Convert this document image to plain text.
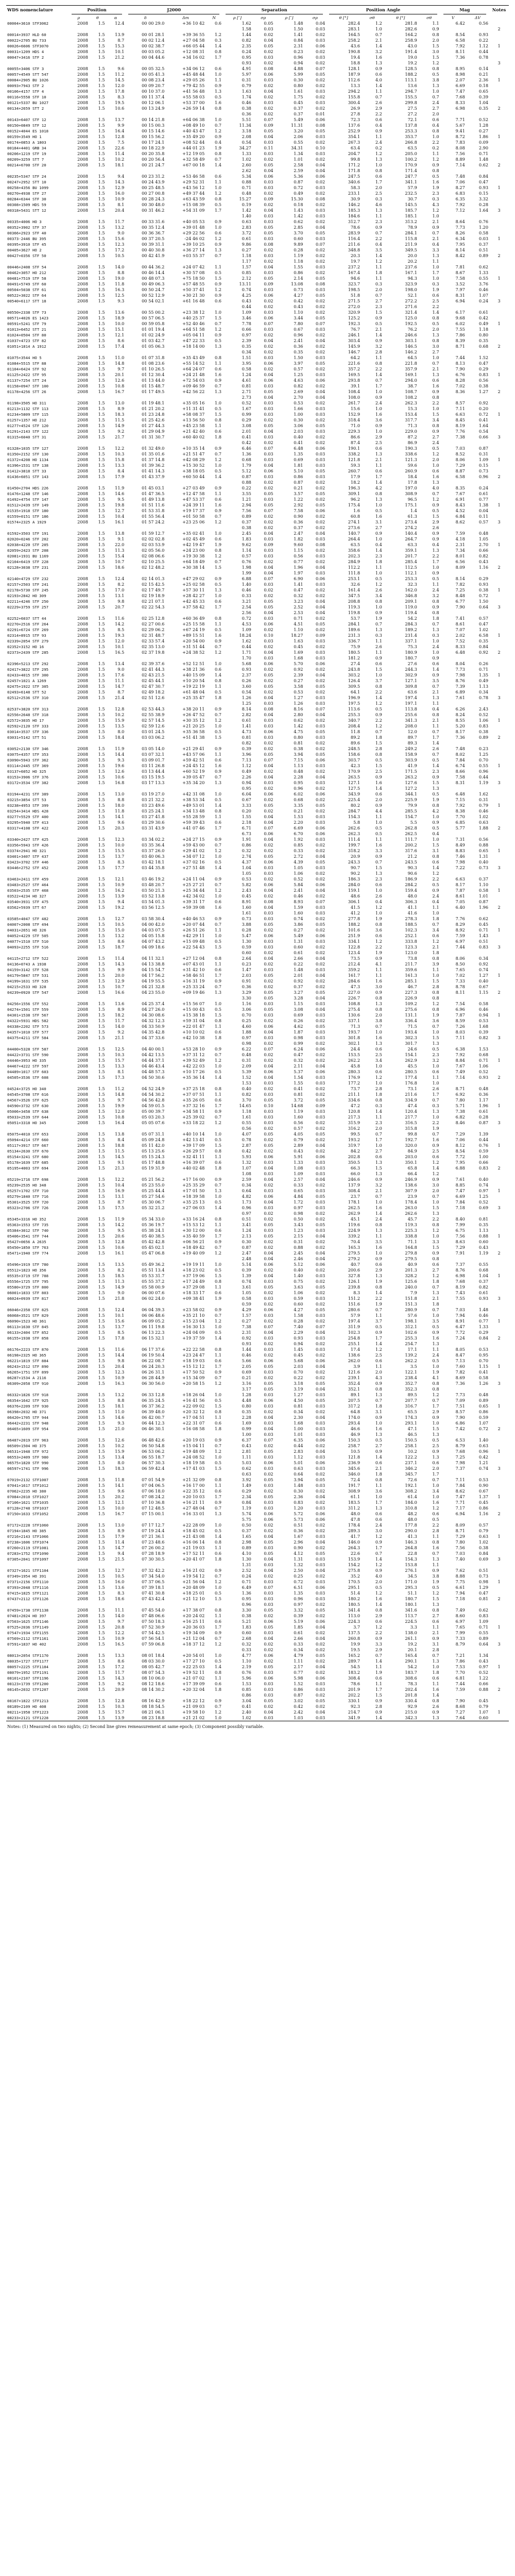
WDS nomenclature	Position			J2000			Separation				Position Angle				Mag		Notes

	ρ	θ	α	δ	Δm	N	ρ [″]	σρ	ρ [″]	σρ	θ [°]	σθ	θ [°]	σθ	V	ΔV	
00004+3610 STF3062	2008	1.5	12.4	00 00 29.0	+36 10 42	0.6	1.62	0.05	1.48	0.04	282.4	1.2	281.8	1.1	6.42	0.56	
							1.58	0.03	1.50	0.03	283.1	1.0	282.6	0.9			2
00014+3937 HLD 60	2008	1.5	13.9	00 01 28.1	+39 36 55	1.2	1.44	0.02	1.41	0.02	164.5	0.7	164.2	0.8	8.54	0.93	
00022+2705 BU 733	2008	1.5	8.7	00 02 12.4	+27 04 58	0.3	0.82	0.04	0.84	0.03	258.2	2.1	258.9	2.0	6.58	0.22	
00026+6606 STF3070	2008	1.5	15.3	00 02 38.7	+66 05 44	1.4	2.35	0.05	2.31	0.06	43.6	1.4	43.0	1.5	7.92	1.12	1
00031+1209 HDS 4	2008	1.5	10.1	00 03 05.2	+12 08 31	0.8	0.24	0.02	0.23	0.02	190.8	3.2	191.4	3.0	8.11	0.44	
00047+3416 STF 2	2008	1.5	21.2	00 04 44.6	+34 16 02	1.7	0.95	0.03	0.96	0.03	19.4	1.6	19.0	1.5	7.36	0.78	
							0.93	0.02	0.94	0.02	18.8	1.3	19.2	1.2			3
00055+3406 STF 3	2008	1.5	9.6	00 05 32.5	+34 06 12	0.6	4.91	0.08	4.88	0.07	128.1	0.9	128.5	0.8	8.95	0.14	
00057+4549 STT 547	2008	1.5	11.2	00 05 41.3	+45 48 44	1.0	5.97	0.06	5.99	0.05	187.9	0.6	188.2	0.5	8.98	0.21	
00084+2905 BU 1026	2008	1.5	14.5	00 08 23.4	+29 05 26	1.1	0.31	0.03	0.30	0.02	112.6	4.0	113.1	3.8	2.07	2.36	1
00093+7943 STF 2	2008	1.5	12.0	00 09 20.7	+79 42 55	0.9	0.79	0.02	0.80	0.02	13.3	1.4	13.6	1.3	6.69	0.18	
00106+4157 STF 4	2008	1.5	17.8	00 10 37.0	+41 56 48	1.3	1.63	0.04	1.61	0.03	294.2	1.1	294.7	1.0	7.47	0.65	
00116+5558 STF 10	2008	1.5	8.3	00 11 37.4	+55 58 03	0.5	1.74	0.02	1.75	0.02	155.8	0.7	155.5	0.7	7.68	0.39	
00121+5337 BU 1027	2008	1.5	19.5	00 12 06.1	+53 37 00	1.6	0.46	0.03	0.45	0.03	300.4	2.6	299.8	2.4	8.33	1.04	
00134+2659 STT 2	2008	1.5	10.6	00 13 24.9	+26 59 14	0.8	0.38	0.02	0.37	0.02	26.9	2.9	27.5	2.7	6.98	0.35	2
							0.36	0.02	0.37	0.01	27.8	2.2	27.2	2.0			
00143+6407 STF 12	2008	1.5	13.7	00 14 21.8	+64 06 38	1.0	5.51	0.07	5.49	0.06	72.3	0.6	72.1	0.6	7.71	0.52	
00150+0849 STF 12	2008	1.5	9.9	00 15 00.3	+08 49 10	0.7	11.34	0.09	11.31	0.08	137.6	0.4	137.8	0.4	5.67	1.28	
00152+4044 ES 1018	2008	1.5	16.4	00 15 14.6	+40 43 47	1.2	3.18	0.05	3.20	0.05	252.9	0.9	253.3	0.8	9.41	0.27	
00159+3549 HO 1	2008	1.5	12.8	00 15 56.2	+35 49 20	0.9	2.08	0.04	2.06	0.03	354.1	1.1	353.7	1.0	8.72	1.86	1
00174+0853 A 1803	2008	1.5	7.5	00 17 24.1	+08 52 44	0.4	0.54	0.03	0.55	0.02	267.3	2.4	266.8	2.2	7.83	0.09	
00184+4401 GRB 34	2008	1.5	22.6	00 18 22.9	+44 01 23	1.9	34.27	0.11	34.31	0.10	63.4	0.2	63.5	0.2	8.08	2.90	
00206+1219 STF 19	2008	1.5	11.4	00 20 35.8	+12 19 05	0.8	1.33	0.03	1.34	0.03	204.7	1.2	205.0	1.1	7.56	0.71	
00209+3259 STT 7	2008	1.5	10.2	00 20 56.4	+32 58 49	0.7	1.02	0.02	1.01	0.02	99.8	1.3	100.2	1.2	8.89	1.48	
00214+6700 STF 20	2008	1.5	18.1	00 21 24.7	+67 00 18	1.4	2.60	0.05	2.58	0.04	171.2	1.0	170.9	0.9	7.14	0.62	2
							2.62	0.04	2.59	0.04	171.8	0.8	171.4	0.8			
00235+5347 STF 24	2008	1.5	9.4	00 23 31.2	+53 46 58	0.6	5.34	0.06	5.36	0.06	247.5	0.6	247.7	0.5	7.48	0.84	
00247+2952 STT 10	2008	1.5	14.3	00 24 43.9	+29 52 31	1.1	0.88	0.03	0.87	0.02	340.6	1.7	341.1	1.6	7.06	0.47	
00258+4356 BU 1099	2008	1.5	12.9	00 25 48.5	+43 56 12	1.0	0.71	0.03	0.72	0.03	58.3	2.0	57.9	1.9	8.27	0.93	1
00270+4938 STF 27	2008	1.5	16.0	00 27 00.8	+49 37 44	1.2	0.48	0.02	0.49	0.02	233.1	2.5	232.5	2.3	6.83	0.15	
00284+6344 STF 30	2008	1.5	10.9	00 28 24.3	+63 43 59	0.8	15.27	0.09	15.30	0.08	30.9	0.3	30.7	0.3	6.35	3.32	
00308+1509 HDS 59	2008	1.5	8.1	00 30 48.0	+15 08 39	0.5	0.19	0.02	0.18	0.02	146.2	4.6	145.5	4.3	7.92	0.28	
00318+5431 STT 12	2008	1.5	20.4	00 31 46.2	+54 31 09	1.7	1.42	0.04	1.43	0.03	185.3	1.3	185.7	1.2	7.12	1.64	3
							1.40	0.03	1.42	0.03	184.6	1.1	185.1	1.0			
00335+4006 HO 3	2008	1.5	11.7	00 33 31.6	+40 05 53	0.9	0.63	0.03	0.62	0.02	312.7	2.3	313.2	2.1	8.64	0.76	
00352+3902 STF 37	2008	1.5	13.2	00 35 12.4	+39 01 48	1.0	2.83	0.05	2.85	0.04	78.6	0.9	78.9	0.9	7.73	1.20	
00366+2923 STF 40	2008	1.5	9.0	00 36 36.7	+29 22 56	0.6	3.72	0.05	3.70	0.05	283.9	0.7	284.1	0.7	8.26	0.58	
00373-2446 BU 395	2008	1.5	15.6	00 37 20.5	-24 46 02	1.2	0.61	0.03	0.60	0.03	116.4	2.2	115.8	2.1	6.34	0.03	1
00395+3910 STF 45	2008	1.5	12.3	00 39 31.1	+39 10 25	0.9	9.86	0.08	9.89	0.07	211.6	0.4	211.9	0.4	7.95	0.37	
00405+3627 HO 2	2008	1.5	17.2	00 40 30.8	+36 27 14	1.3	0.27	0.02	0.28	0.02	348.8	3.5	349.5	3.3	8.14	0.51	
00427+0356 STF 50	2008	1.5	10.5	00 42 41.9	+03 55 37	0.7	1.18	0.03	1.19	0.02	20.3	1.4	20.0	1.3	8.42	0.89	2
							1.17	0.02	1.18	0.02	19.7	1.2	20.2	1.1			
00446+2408 STF 54	2008	1.5	14.0	00 44 36.2	+24 07 42	1.1	1.57	0.04	1.55	0.03	237.2	1.1	237.6	1.0	7.81	0.62	
00462+3057 HO 212	2008	1.5	8.8	00 46 14.4	+30 57 08	0.5	0.85	0.03	0.86	0.02	167.4	1.8	167.1	1.7	8.67	1.33	
00481+7519 STF 58	2008	1.5	19.0	00 48 07.3	+75 18 50	1.5	2.12	0.05	2.14	0.05	94.6	1.1	94.3	1.0	7.58	0.55	1
00491+5749 STF 60	2008	1.5	11.8	00 49 06.3	+57 48 55	0.9	13.11	0.09	13.08	0.08	323.7	0.3	323.9	0.3	3.52	3.76	
00504+5038 STF 61	2008	1.5	16.3	00 50 24.7	+50 37 41	1.2	0.74	0.03	0.73	0.03	198.5	2.0	198.0	1.9	7.97	0.46	
00522+3022 STF 64	2008	1.5	12.5	00 52 12.9	+30 21 30	0.9	4.25	0.06	4.27	0.05	51.8	0.7	52.1	0.6	8.31	1.07	
00540+6117 STT 18	2008	1.5	9.3	00 54 02.1	+61 16 48	0.6	0.43	0.02	0.42	0.02	271.5	2.7	272.2	2.5	6.94	0.24	3
							0.44	0.02	0.43	0.02	272.0	2.3	271.6	2.2			
00550+2338 STF 73	2008	1.5	13.6	00 55 00.2	+23 38 12	1.0	1.09	0.03	1.10	0.02	320.9	1.5	321.4	1.4	6.17	0.61	
00571+4026 ES 1423	2008	1.5	18.9	00 57 06.5	+40 25 37	1.5	3.46	0.06	3.44	0.05	125.2	0.9	125.0	0.8	9.68	0.42	
00591+5241 STF 79	2008	1.5	10.0	00 59 05.8	+52 40 46	0.7	7.78	0.07	7.80	0.07	192.3	0.5	192.5	0.5	6.02	0.49	1
01013+6452 STT 21	2008	1.5	15.1	01 01 19.4	+64 51 58	1.2	0.66	0.03	0.67	0.03	76.7	2.1	76.2	2.0	7.55	1.18	
01024+0504 STF 80	2008	1.5	12.1	01 02 24.9	+05 04 11	0.9	0.97	0.02	0.96	0.02	246.1	1.4	246.6	1.3	7.86	0.80	
01037+4723 STF 82	2008	1.5	8.6	01 03 42.7	+47 22 33	0.5	2.39	0.04	2.41	0.04	303.4	0.9	303.1	0.8	8.39	0.35	
01051+1814 A 1912	2008	1.5	17.4	01 05 06.3	+18 14 00	1.3	0.35	0.02	0.36	0.02	145.9	3.2	146.5	3.0	8.71	0.68	2
							0.34	0.02	0.35	0.02	146.7	2.8	146.2	2.7			
01075+3544 HO 5	2008	1.5	11.0	01 07 31.8	+35 43 49	0.8	1.51	0.03	1.50	0.03	64.2	1.1	64.5	1.0	7.44	1.52	
01084+5515 STF 88	2008	1.5	14.8	01 08 23.6	+55 14 52	1.1	3.95	0.06	3.97	0.05	221.6	0.8	221.8	0.7	8.13	0.47	
01104+6424 STF 92	2008	1.5	9.7	01 10 26.5	+64 24 07	0.6	0.58	0.02	0.57	0.02	357.2	2.2	357.9	2.1	7.90	0.29	
01125+2422 STF 95	2008	1.5	20.1	01 12 30.4	+24 21 48	1.6	1.24	0.04	1.25	0.03	169.5	1.4	169.1	1.3	6.76	0.83	1
01137+7254 STT 24	2008	1.5	12.6	01 13 44.0	+72 54 03	0.9	4.61	0.06	4.63	0.06	293.8	0.7	294.0	0.6	8.28	0.56	
01158+0947 STF 100	2008	1.5	10.8	01 15 48.7	+09 46 59	0.7	0.81	0.03	0.82	0.02	39.1	1.7	38.7	1.6	7.02	0.38	
01178+4256 STT 26	2008	1.5	16.7	01 17 49.5	+42 56 22	1.3	2.71	0.05	2.69	0.04	108.4	1.0	108.7	0.9	8.36	1.27	2
							2.73	0.04	2.70	0.04	108.0	0.9	108.2	0.8			
01198+3505 HO 311	2008	1.5	13.0	01 19 48.1	+35 05 16	1.0	0.52	0.03	0.53	0.02	261.7	2.4	262.3	2.2	8.57	0.92	
01213+1132 STF 113	2008	1.5	8.9	01 21 20.2	+11 31 41	0.5	1.67	0.03	1.66	0.03	15.6	1.0	15.3	1.0	7.11	0.20	
01234+5809 STF 115	2008	1.5	18.3	01 23 24.8	+58 08 37	1.5	0.99	0.03	1.00	0.03	152.9	1.6	153.4	1.5	6.63	0.72	1
01257+1357 HO 212	2008	1.5	11.5	01 25 42.6	+13 56 50	0.8	0.29	0.02	0.30	0.02	318.4	3.6	317.7	3.4	8.45	0.41	
01277+4524 STF 120	2008	1.5	14.9	01 27 44.3	+45 23 58	1.1	3.08	0.05	3.06	0.05	71.0	0.9	71.3	0.8	8.19	1.64	
01291+2143 STF 122	2008	1.5	9.2	01 29 04.9	+21 42 40	0.6	2.01	0.04	2.03	0.03	229.3	1.0	229.0	0.9	7.76	0.54	
01315+6040 STT 31	2008	1.5	21.7	01 31 30.7	+60 40 02	1.8	0.41	0.03	0.40	0.02	86.6	2.9	87.2	2.7	7.38	0.66	3
							0.42	0.02	0.41	0.02	87.4	2.5	86.9	2.4			
01328+1035 STF 127	2008	1.5	12.2	01 32 49.0	+10 35 14	0.9	6.46	0.07	6.48	0.06	190.1	0.6	190.3	0.5	7.03	0.87	
01350+2152 STF 130	2008	1.5	10.3	01 35 01.6	+21 51 47	0.7	1.36	0.03	1.35	0.03	338.2	1.3	338.6	1.2	8.52	0.31	
01372+4208 HO 1134	2008	1.5	15.8	01 37 14.8	+42 08 29	1.2	0.68	0.03	0.69	0.03	121.8	2.1	121.3	2.0	8.06	1.09	1
01396+1531 STF 138	2008	1.5	13.3	01 39 36.2	+15 30 52	1.0	1.79	0.04	1.81	0.03	59.3	1.1	59.6	1.0	7.29	0.15	
01412+3818 STT 33	2008	1.5	8.4	01 41 14.3	+38 18 05	0.5	5.12	0.06	5.10	0.05	260.7	0.6	260.9	0.6	8.87	0.73	
01436+6051 STF 143	2008	1.5	17.9	01 43 37.9	+60 50 44	1.4	0.87	0.03	0.86	0.03	17.9	1.7	18.4	1.6	6.58	0.96	2
							0.88	0.02	0.87	0.02	18.2	1.4	17.8	1.3			
01450+2704 HDS 226	2008	1.5	11.9	01 45 03.1	+27 03 49	0.9	0.22	0.02	0.21	0.02	196.3	4.2	197.0	4.0	8.35	0.24	
01476+1248 STF 146	2008	1.5	14.6	01 47 36.5	+12 47 58	1.1	3.55	0.05	3.57	0.05	309.1	0.8	308.9	0.7	7.67	0.61	
01492+4754 STF 147	2008	1.5	9.5	01 49 13.8	+47 53 37	0.6	1.21	0.03	1.22	0.02	96.2	1.3	96.5	1.2	6.91	0.77	
01512+2439 STF 149	2008	1.5	19.8	01 51 11.6	+24 39 11	1.6	2.94	0.05	2.92	0.05	175.4	1.0	175.1	0.9	8.43	1.38	1
01535+1918 STF 180	2008	1.5	12.7	01 53 31.8	+19 17 37	0.9	7.56	0.07	7.58	0.06	1.6	0.5	1.4	0.5	4.52	0.04	
01559+0151 STF 186	2008	1.5	10.4	01 55 56.4	+01 50 58	0.7	0.89	0.02	0.90	0.02	60.8	1.6	61.3	1.5	6.84	0.11	
01574+2325 A 1929	2008	1.5	16.1	01 57 24.2	+23 25 06	1.2	0.37	0.02	0.36	0.02	274.1	3.1	273.4	2.9	8.62	0.57	3
							0.38	0.02	0.37	0.02	273.6	2.7	274.2	2.6			
01592+3503 STF 191	2008	1.5	13.8	01 59 12.7	+35 02 41	1.0	2.45	0.04	2.47	0.04	140.7	0.9	140.4	0.9	7.59	0.48	
02020+0246 STF 202	2008	1.5	9.1	02 02 02.8	+02 45 49	0.6	1.83	0.03	1.82	0.03	264.4	1.0	264.7	0.9	4.18	1.05	
02038+4220 STF 205	2008	1.5	22.0	02 03 53.9	+42 19 47	1.9	9.62	0.09	9.60	0.08	63.5	0.4	63.3	0.4	2.31	2.70	1
02059+2423 STF 208	2008	1.5	11.3	02 05 56.0	+24 23 00	0.8	1.14	0.03	1.15	0.02	358.6	1.4	359.1	1.3	7.34	0.66	
02081+1931 BU 1169	2008	1.5	15.4	02 08 06.6	+19 30 38	1.2	0.57	0.03	0.56	0.03	202.3	2.3	201.7	2.2	8.01	0.82	
02104+6419 STF 228	2008	1.5	10.7	02 10 25.5	+64 18 49	0.7	0.76	0.02	0.77	0.02	284.9	1.8	285.4	1.7	6.56	0.43	
02128+3038 STF 231	2008	1.5	18.6	02 12 48.2	+30 38 14	1.5	1.98	0.04	1.96	0.04	112.2	1.1	112.5	1.0	8.09	1.16	2
							1.99	0.04	1.97	0.03	111.8	1.0	112.1	0.9			
02140+4729 STF 232	2008	1.5	12.4	02 14 01.3	+47 29 02	0.9	6.88	0.07	6.90	0.06	253.1	0.5	253.3	0.5	8.14	0.29	
02157+2503 STF 241	2008	1.5	8.2	02 15 42.5	+25 02 58	0.5	1.40	0.03	1.41	0.03	32.6	1.2	32.3	1.1	7.82	0.93	
02178+5730 STF 245	2008	1.5	17.0	02 17 49.7	+57 30 11	1.3	0.46	0.02	0.47	0.02	161.4	2.6	162.0	2.4	7.25	0.38	1
02193+2842 HO 309	2008	1.5	13.1	02 19 18.9	+28 42 27	1.0	0.33	0.02	0.32	0.02	347.5	3.4	346.8	3.2	8.48	0.72	
02211+4246 STF 250	2008	1.5	9.8	02 21 07.1	+42 45 33	0.6	3.21	0.05	3.23	0.04	208.8	0.8	209.1	0.8	6.77	1.50	
02229+3759 STF 257	2008	1.5	20.7	02 22 54.3	+37 58 42	1.7	2.54	0.05	2.52	0.04	119.3	1.0	119.0	0.9	7.90	0.64	3
							2.56	0.04	2.53	0.04	119.8	0.9	119.4	0.8			
02252+6037 STT 44	2008	1.5	11.6	02 25 12.8	+60 36 49	0.8	0.72	0.03	0.71	0.02	53.7	1.9	54.2	1.8	7.41	0.57	
02270+2516 STF 264	2008	1.5	14.2	02 27 00.6	+25 15 58	1.1	4.53	0.06	4.51	0.05	284.1	0.7	284.3	0.7	8.61	0.47	
02291+6724 STF 269	2008	1.5	8.5	02 29 06.2	+67 24 19	0.5	1.09	0.02	1.10	0.02	189.6	1.3	189.2	1.3	7.07	1.02	
02314+8915 STF 93	2008	1.5	19.3	02 31 48.7	+89 15 51	1.6	18.24	0.10	18.27	0.09	231.3	0.3	231.4	0.3	2.02	6.58	1
02339+2054 STF 279	2008	1.5	12.0	02 33 57.4	+20 54 00	0.9	1.62	0.03	1.63	0.03	336.7	1.1	337.1	1.0	7.52	0.35	
02352+3152 HO 16	2008	1.5	10.1	02 35 13.0	+31 51 44	0.7	0.44	0.02	0.45	0.02	75.9	2.6	75.3	2.4	8.33	0.84	
02373+2439 STF 285	2008	1.5	16.5	02 37 19.8	+24 38 52	1.2	1.71	0.04	1.69	0.03	180.5	1.1	180.9	1.0	6.48	0.92	2
							1.70	0.03	1.68	0.03	181.2	0.9	180.7	0.9			
02396+5213 STF 292	2008	1.5	13.4	02 39 37.6	+52 12 51	1.0	5.68	0.06	5.70	0.06	27.4	0.6	27.6	0.6	8.04	0.26	
02417+3822 STF 295	2008	1.5	9.0	02 41 44.3	+38 21 36	0.6	0.93	0.02	0.92	0.02	243.8	1.5	244.3	1.4	7.73	0.71	
02433+4015 STF 300	2008	1.5	17.6	02 43 21.5	+40 15 09	1.4	2.37	0.05	2.39	0.04	303.2	1.0	302.9	0.9	7.98	1.35	1
02457+1021 A 1269	2008	1.5	11.1	02 45 44.1	+10 20 54	0.8	0.26	0.02	0.27	0.02	126.4	3.7	127.1	3.5	8.76	0.49	
02475+1922 STF 305	2008	1.5	14.7	02 47 30.7	+19 22 19	1.1	3.60	0.05	3.58	0.05	309.5	0.8	309.8	0.7	7.39	1.13	
02493+6148 STT 52	2008	1.5	8.7	02 49 18.2	+61 48 04	0.5	0.54	0.02	0.53	0.02	64.1	2.2	63.6	2.1	6.89	0.34	
02512+2536 STF 310	2008	1.5	21.4	02 51 12.6	+25 35 47	1.8	1.26	0.04	1.27	0.03	196.9	1.4	197.4	1.3	7.61	0.78	3
							1.25	0.03	1.26	0.03	197.5	1.2	197.1	1.1			
02537+3820 STF 313	2008	1.5	12.8	02 53 44.3	+38 20 11	0.9	8.14	0.08	8.16	0.07	113.6	0.5	113.8	0.4	6.26	2.43	
02556+2648 STF 318	2008	1.5	10.2	02 55 38.9	+26 47 52	0.7	2.82	0.04	2.80	0.04	255.3	0.9	255.6	0.8	8.24	0.52	
02572+3035 HO 17	2008	1.5	15.9	02 57 14.5	+30 35 12	1.2	0.61	0.03	0.62	0.02	340.7	2.2	341.3	2.1	8.55	1.06	1
02592+2120 STF 333	2008	1.5	13.5	02 59 12.6	+21 20 25	1.0	1.41	0.03	1.42	0.03	208.4	1.2	208.0	1.1	5.20	0.83	
03014+3537 STF 336	2008	1.5	8.0	03 01 24.5	+35 36 58	0.5	4.73	0.06	4.75	0.05	11.8	0.7	12.0	0.7	8.17	0.38	
03031+5142 STT 51	2008	1.5	18.4	03 03 06.2	+51 41 38	1.5	0.81	0.03	0.80	0.03	89.2	1.8	89.7	1.7	7.36	0.89	2
							0.82	0.02	0.81	0.02	89.6	1.5	89.3	1.4			
03052+2130 STF 346	2008	1.5	11.9	03 05 14.0	+21 29 41	0.9	0.39	0.02	0.38	0.02	248.5	2.8	249.2	2.6	7.48	0.23	
03075+4357 STF 353	2008	1.5	14.4	03 07 32.1	+43 57 06	1.1	3.96	0.05	3.94	0.05	158.6	0.8	158.9	0.7	8.02	1.25	
03090+5943 STF 362	2008	1.5	9.3	03 09 01.7	+59 42 51	0.6	7.13	0.07	7.15	0.06	303.7	0.5	303.9	0.5	7.84	0.70	
03114+2445 STF 369	2008	1.5	19.6	03 11 26.8	+24 45 12	1.6	1.12	0.04	1.13	0.03	42.3	1.5	41.9	1.4	6.74	0.55	1
03137+6052 HO 325	2008	1.5	12.6	03 13 44.4	+60 52 19	0.9	0.49	0.02	0.48	0.02	170.9	2.5	171.5	2.3	8.66	0.96	
03153+3906 STF 376	2008	1.5	10.6	03 15 19.5	+39 05 47	0.7	2.26	0.04	2.28	0.04	263.5	0.9	263.2	0.9	7.58	0.44	
03172+3534 STF 382	2008	1.5	16.8	03 17 13.3	+35 34 20	1.3	0.94	0.03	0.95	0.03	127.1	1.6	127.6	1.5	8.31	1.19	3
							0.95	0.02	0.96	0.02	127.5	1.4	127.2	1.3			
03194+4231 STF 389	2008	1.5	13.0	03 19 27.0	+42 31 08	1.0	6.04	0.06	6.02	0.06	343.9	0.6	344.1	0.5	6.48	1.62	
03215+3854 STT 53	2008	1.5	8.8	03 21 32.2	+38 53 34	0.5	0.67	0.02	0.68	0.02	225.4	2.0	225.9	1.9	7.15	0.31	
03238+4953 STF 399	2008	1.5	18.0	03 23 49.6	+49 53 01	1.4	3.33	0.05	3.35	0.05	80.2	0.9	79.9	0.8	7.92	0.79	1
03254+3414 HDS 428	2008	1.5	11.8	03 25 24.1	+34 13 48	0.8	0.20	0.02	0.21	0.02	284.7	4.4	285.5	4.2	8.38	0.46	
03277+5529 STF 400	2008	1.5	14.1	03 27 41.8	+55 28 59	1.1	1.55	0.04	1.53	0.03	154.3	1.1	154.7	1.0	7.70	1.02	
03295+5940 STF 413	2008	1.5	9.6	03 29 30.6	+59 39 43	0.6	2.18	0.04	2.20	0.03	5.8	1.0	5.5	0.9	6.85	0.63	
03317+4108 STF 422	2008	1.5	20.3	03 31 43.9	+41 07 46	1.7	6.71	0.07	6.69	0.06	262.6	0.5	262.8	0.5	5.77	1.88	2
							6.73	0.06	6.70	0.06	262.3	0.5	262.5	0.4			
03340+2427 STF 425	2008	1.5	12.3	03 34 02.2	+24 27 15	0.9	1.91	0.04	1.92	0.03	111.4	1.1	111.7	1.0	7.31	0.56	
03356+5943 STF 426	2008	1.5	10.0	03 35 36.4	+59 43 00	0.7	0.86	0.02	0.85	0.02	199.7	1.6	200.2	1.5	8.49	0.88	
03374+2941 HO 321	2008	1.5	15.5	03 37 26.0	+29 41 02	1.2	0.32	0.02	0.33	0.02	318.2	3.3	317.6	3.1	8.83	0.65	1
03401+3407 STF 437	2008	1.5	13.7	03 40 06.3	+34 07 12	1.0	2.74	0.05	2.72	0.04	20.9	0.9	21.2	0.8	7.46	1.31	
03423+3702 STF 446	2008	1.5	8.3	03 42 18.1	+37 02 16	0.5	4.37	0.06	4.39	0.05	243.3	0.7	243.5	0.6	7.98	0.40	
03446+2752 STF 452	2008	1.5	17.7	03 44 35.8	+27 51 48	1.4	1.04	0.03	1.05	0.03	90.7	1.5	90.3	1.4	7.22	0.73	3
							1.05	0.03	1.06	0.02	90.2	1.3	90.6	1.2			
03463+2411 STF 459	2008	1.5	12.1	03 46 19.2	+24 11 04	0.9	0.53	0.02	0.52	0.02	186.3	2.3	186.9	2.2	6.63	0.37	
03483+2527 STF 464	2008	1.5	10.9	03 48 20.7	+25 27 21	0.7	5.82	0.06	5.84	0.06	284.0	0.6	284.2	0.5	8.17	1.10	
03503+2535 STF 468	2008	1.5	16.2	03 50 21.3	+25 34 44	1.2	2.43	0.04	2.41	0.04	159.1	1.0	159.4	0.9	7.87	0.58	1
03522+4234 HO 327	2008	1.5	13.9	03 52 13.8	+42 34 02	1.0	0.45	0.02	0.46	0.02	48.6	2.6	48.0	2.4	8.61	1.01	
03540+3931 STF 475	2008	1.5	9.4	03 54 01.3	+39 31 17	0.6	8.91	0.08	8.93	0.07	306.1	0.4	306.3	0.4	7.05	0.87	
03562+5939 STT 67	2008	1.5	19.2	03 56 12.5	+59 39 08	1.6	1.60	0.04	1.59	0.03	41.5	1.2	41.1	1.1	6.40	1.96	2
							1.61	0.03	1.60	0.03	41.2	1.0	41.6	1.0			
03585+4047 STF 482	2008	1.5	12.7	03 58 30.4	+40 46 53	0.9	0.73	0.03	0.74	0.02	277.8	1.9	278.3	1.8	7.76	0.62	
04007+2008 STF 494	2008	1.5	10.5	04 00 42.0	+20 07 44	0.7	3.88	0.05	3.86	0.05	188.2	0.8	188.5	0.7	8.29	0.45	
04031+2651 HO 326	2008	1.5	15.0	04 03 07.5	+26 51 26	1.1	0.28	0.02	0.27	0.02	101.6	3.6	102.3	3.4	8.92	0.71	1
04052+4229 STF 505	2008	1.5	13.2	04 05 15.8	+42 29 11	1.0	5.47	0.06	5.49	0.06	251.9	0.6	252.1	0.6	7.59	1.43	
04077+1510 STF 510	2008	1.5	8.6	04 07 43.2	+15 09 48	0.5	1.30	0.03	1.31	0.03	334.1	1.2	333.8	1.2	6.97	0.51	
04093+2255 STF 516	2008	1.5	18.7	04 09 18.6	+22 54 43	1.5	0.59	0.03	0.60	0.02	122.8	2.2	123.3	2.1	7.44	0.83	3
							0.60	0.02	0.61	0.02	123.4	1.9	123.0	1.8			
04115+2712 STF 522	2008	1.5	11.4	04 11 32.1	+27 12 04	0.8	2.64	0.04	2.66	0.04	73.5	0.9	73.8	0.8	8.06	0.34	
04136+0743 A 1938	2008	1.5	14.3	04 13 38.8	+07 43 01	1.1	0.23	0.02	0.22	0.02	212.4	4.1	211.7	3.9	8.50	0.92	
04159+3142 STF 528	2008	1.5	9.9	04 15 54.7	+31 42 10	0.6	1.47	0.03	1.48	0.03	359.2	1.1	359.6	1.1	7.65	0.74	
04179+5847 STF 531	2008	1.5	20.0	04 17 56.2	+58 46 51	1.7	2.03	0.05	2.01	0.04	161.7	1.1	161.3	1.0	7.02	1.27	1
04199+1631 STF 535	2008	1.5	12.9	04 19 55.5	+16 31 19	0.9	0.91	0.02	0.92	0.02	284.6	1.6	285.1	1.5	7.33	0.40	
04215+2533 HO 328	2008	1.5	10.7	04 21 32.8	+25 33 24	0.7	0.36	0.02	0.37	0.02	47.3	3.0	46.7	2.8	8.78	0.67	
04239+0920 STF 547	2008	1.5	16.6	04 23 55.0	+09 19 46	1.3	3.29	0.05	3.27	0.05	227.0	0.9	227.3	0.8	8.11	1.15	2
							3.30	0.05	3.28	0.04	226.7	0.8	226.9	0.8			
04256+1556 STF 552	2008	1.5	13.6	04 25 37.4	+15 56 07	1.0	1.16	0.03	1.15	0.03	108.8	1.3	109.2	1.2	7.54	0.58	
04274+1501 STF 559	2008	1.5	8.9	04 27 26.0	+15 00 43	0.5	3.06	0.05	3.08	0.04	275.4	0.8	275.6	0.8	6.96	0.46	
04301+1538 STF 567	2008	1.5	18.2	04 30 08.6	+15 38 18	1.5	0.70	0.03	0.69	0.03	130.6	2.0	131.1	1.9	7.87	0.94	1
04322+5931 HDS 582	2008	1.5	11.7	04 32 12.3	+59 31 04	0.8	0.25	0.02	0.26	0.02	337.1	3.8	336.4	3.6	8.59	0.53	
04338+2202 STF 573	2008	1.5	14.0	04 33 50.9	+22 01 47	1.1	4.60	0.06	4.62	0.05	71.3	0.7	71.5	0.7	7.26	1.68	
04357+1010 STF 577	2008	1.5	9.2	04 35 42.8	+10 10 02	0.6	1.88	0.04	1.87	0.03	193.7	1.0	193.4	1.0	8.03	0.39	
04375+4211 STF 584	2008	1.5	21.1	04 37 33.6	+42 10 38	1.8	0.97	0.03	0.98	0.03	301.8	1.6	302.3	1.5	7.11	0.82	3
							0.98	0.02	0.99	0.02	302.1	1.3	301.7	1.3			
04400+5328 STF 587	2008	1.5	12.5	04 40 00.1	+53 28 10	0.9	6.22	0.07	6.24	0.06	24.4	0.6	24.6	0.5	6.38	1.53	
04422+3731 STF 590	2008	1.5	10.3	04 42 13.5	+37 31 12	0.7	0.48	0.02	0.47	0.02	153.5	2.5	154.1	2.3	7.92	0.68	
04446+3953 HO 335	2008	1.5	15.7	04 44 37.1	+39 52 49	1.2	0.31	0.02	0.32	0.02	262.2	3.4	262.9	3.2	8.84	0.71	1
04467+4222 STF 597	2008	1.5	13.3	04 46 43.4	+42 22 03	1.0	2.09	0.04	2.11	0.04	45.8	1.0	45.5	1.0	7.67	1.06	
04489+1017 STF 603	2008	1.5	8.1	04 48 57.3	+10 17 26	0.5	5.39	0.06	5.37	0.06	280.3	0.6	280.5	0.6	7.49	0.52	
04505+3536 STF 608	2008	1.5	17.3	04 50 30.6	+35 36 14	1.4	1.52	0.04	1.54	0.03	176.9	1.2	177.4	1.1	7.14	0.93	2
							1.53	0.03	1.55	0.03	177.2	1.0	176.8	1.0			
04524+3725 HO 340	2008	1.5	11.2	04 52 24.9	+37 25 18	0.8	0.40	0.02	0.41	0.02	73.7	2.8	73.1	2.6	8.71	0.48	
04545+3708 STF 616	2008	1.5	14.8	04 54 30.2	+37 07 51	1.1	0.82	0.03	0.81	0.02	211.1	1.8	211.6	1.7	6.92	0.36	
04567+3526 STF 625	2008	1.5	9.7	04 56 42.8	+35 26 05	0.6	3.70	0.05	3.72	0.05	334.6	0.8	334.9	0.7	7.80	1.17	
04590+3732 STF 630	2008	1.5	19.9	04 59 01.5	+37 32 16	1.7	14.65	0.10	14.68	0.09	47.2	0.3	47.4	0.3	5.71	1.96	1
05006+3458 STF 638	2008	1.5	12.0	05 00 39.7	+34 58 11	0.9	1.18	0.03	1.19	0.03	120.8	1.4	120.4	1.3	7.38	0.61	
05033+2539 STF 644	2008	1.5	10.8	05 03 20.3	+25 39 02	0.7	1.61	0.03	1.60	0.03	217.3	1.1	217.7	1.0	6.82	0.28	
05051+3318 HO 345	2008	1.5	16.4	05 05 07.6	+33 18 22	1.2	0.55	0.03	0.56	0.02	315.9	2.3	316.5	2.2	8.46	0.87	3
							0.56	0.02	0.57	0.02	316.2	2.0	315.8	1.9			
05075+4010 STF 653	2008	1.5	13.8	05 07 31.1	+40 10 14	1.0	4.07	0.05	4.05	0.05	99.5	0.7	99.8	0.7	7.29	1.39	
05094+4214 STF 660	2008	1.5	8.4	05 09 24.8	+42 13 41	0.5	0.78	0.02	0.79	0.02	193.2	1.7	192.7	1.6	7.06	0.44	
05117+3917 STF 667	2008	1.5	18.8	05 11 42.0	+39 17 09	1.5	2.87	0.05	2.89	0.04	319.7	1.0	320.0	0.9	8.12	0.76	1
05134+2630 STF 670	2008	1.5	11.5	05 13 25.6	+26 29 57	0.8	0.42	0.02	0.43	0.02	84.2	2.7	84.9	2.5	8.54	0.59	
05154+3241 STF 680	2008	1.5	14.5	05 15 24.3	+32 41 11	1.1	5.93	0.06	5.91	0.06	202.8	0.6	203.0	0.6	7.72	1.00	
05178+1639 STF 685	2008	1.5	9.1	05 17 48.8	+16 39 07	0.6	1.32	0.03	1.33	0.03	350.5	1.3	350.1	1.2	7.95	0.66	
05195+4003 STF 694	2008	1.5	21.3	05 19 31.9	+40 02 48	1.8	1.07	0.04	1.08	0.03	66.3	1.5	65.8	1.4	6.88	0.83	2
							1.08	0.03	1.09	0.03	66.0	1.3	66.4	1.2			
05219+1716 STF 698	2008	1.5	12.2	05 21 56.2	+17 16 00	0.9	2.59	0.04	2.57	0.04	246.6	0.9	246.9	0.9	7.61	0.40	
05239+2535 HO 348	2008	1.5	10.4	05 23 55.0	+25 35 29	0.7	0.34	0.02	0.33	0.02	137.9	3.2	138.6	3.0	8.85	0.74	
05257+1702 STF 710	2008	1.5	16.9	05 25 44.4	+17 01 50	1.3	0.64	0.03	0.65	0.03	308.4	2.1	307.9	2.0	7.47	0.97	1
05279+1840 STF 716	2008	1.5	13.1	05 27 54.6	+18 39 58	1.0	4.82	0.06	4.84	0.05	23.7	0.7	23.9	0.7	6.69	1.25	
05301+3525 STF 720	2008	1.5	8.7	05 30 06.7	+35 25 13	0.5	1.73	0.04	1.72	0.03	178.1	1.0	178.4	1.0	7.84	0.52	
05323+2706 STF 726	2008	1.5	17.5	05 32 21.2	+27 06 03	1.4	0.96	0.03	0.97	0.03	262.5	1.6	263.0	1.5	7.18	0.69	3
							0.97	0.02	0.98	0.02	262.9	1.4	262.6	1.3			
05345+3316 HO 352	2008	1.5	11.9	05 34 33.0	+33 16 24	0.8	0.51	0.02	0.50	0.02	45.1	2.4	45.7	2.2	8.40	0.81	
05363+1553 STF 735	2008	1.5	14.2	05 36 19.7	+15 53 12	1.1	3.41	0.05	3.43	0.05	119.6	0.8	119.3	0.8	7.99	0.35	
05384+3012 STF 740	2008	1.5	9.5	05 38 24.1	+30 12 00	0.6	1.24	0.03	1.23	0.03	224.9	1.3	225.3	1.2	6.75	1.13	
05406+3541 STF 744	2008	1.5	20.6	05 40 38.5	+35 40 59	1.7	2.13	0.05	2.15	0.04	339.2	1.1	338.8	1.0	7.56	0.88	1
05427+0656 A 2635	2008	1.5	12.8	05 42 42.8	+06 56 21	0.9	0.30	0.02	0.31	0.02	70.4	3.5	71.1	3.3	8.63	0.60	
05450+1850 STF 763	2008	1.5	10.6	05 45 02.1	+18 49 42	0.7	0.87	0.02	0.88	0.02	165.3	1.6	164.8	1.5	7.29	0.43	
05471+1940 STF 774	2008	1.5	16.1	05 47 06.8	+19 40 09	1.2	2.47	0.04	2.45	0.04	279.5	1.0	279.8	0.9	7.91	1.19	2
							2.48	0.04	2.46	0.04	279.2	0.9	279.5	0.8			
05496+1919 STF 780	2008	1.5	13.5	05 49 36.2	+19 19 11	1.0	5.14	0.06	5.12	0.06	40.7	0.6	40.9	0.6	7.37	0.55	
05512+1823 HO 356	2008	1.5	8.2	05 51 13.4	+18 23 02	0.5	0.39	0.02	0.40	0.02	200.6	2.9	201.3	2.7	8.76	0.68	
05535+3719 STF 788	2008	1.5	18.5	05 53 31.7	+37 19 06	1.5	1.39	0.04	1.40	0.03	327.8	1.3	328.2	1.2	6.98	1.04	1
05556+1725 STF 795	2008	1.5	11.3	05 55 37.2	+17 24 49	0.8	0.74	0.03	0.75	0.02	126.1	1.9	125.6	1.8	7.68	0.37	
05580+3729 STF 800	2008	1.5	14.9	05 58 00.9	+37 29 08	1.1	3.61	0.05	3.63	0.05	239.8	0.8	240.0	0.7	8.19	0.82	
06001+1833 STF 803	2008	1.5	9.0	06 00 07.6	+18 33 17	0.6	1.05	0.02	1.06	0.02	8.3	1.4	7.9	1.3	7.43	0.61	
06024+0939 STF 817	2008	1.5	21.8	06 02 24.0	+09 38 41	1.9	0.58	0.03	0.59	0.03	151.2	2.2	151.8	2.1	7.55	0.93	3
							0.59	0.02	0.60	0.02	151.6	1.9	151.3	1.8			
06046+2358 STF 825	2008	1.5	12.4	06 04 39.3	+23 58 02	0.9	4.29	0.06	4.27	0.05	280.6	0.7	280.9	0.7	7.03	1.48	
06068+3521 STF 829	2008	1.5	10.1	06 06 48.6	+35 21 10	0.7	1.57	0.03	1.58	0.03	57.9	1.1	57.6	1.0	7.94	0.46	
06090+1523 HO 361	2008	1.5	15.6	06 09 05.2	+15 23 04	1.2	0.27	0.02	0.28	0.02	197.4	3.7	198.1	3.5	8.91	0.77	1
06113+1630 STF 845	2008	1.5	13.7	06 11 19.8	+16 30 13	1.0	7.38	0.07	7.40	0.07	311.9	0.5	312.1	0.5	6.47	1.33	
06133+2404 STF 852	2008	1.5	8.5	06 13 22.3	+24 04 09	0.5	2.31	0.04	2.29	0.04	102.3	0.9	102.6	0.9	7.72	0.29	
06155+1938 STF 858	2008	1.5	17.8	06 15 32.1	+19 37 59	1.4	0.92	0.03	0.93	0.03	254.8	1.7	255.3	1.6	7.24	0.84	2
							0.93	0.02	0.94	0.02	255.1	1.4	254.7	1.3			
06176+2223 STF 870	2008	1.5	11.6	06 17 37.6	+22 22 58	0.8	1.44	0.03	1.45	0.03	17.4	1.2	17.1	1.1	8.05	0.53	
06198+2325 HO 365	2008	1.5	14.4	06 19 50.4	+23 24 47	1.1	0.46	0.02	0.45	0.02	138.6	2.5	139.2	2.4	8.47	0.95	
06221+1819 STF 884	2008	1.5	9.8	06 22 08.7	+18 19 03	0.6	5.66	0.06	5.68	0.06	262.0	0.6	262.2	0.5	7.13	0.70	
06243+1512 STF 890	2008	1.5	20.4	06 24 20.3	+15 12 12	1.7	2.05	0.05	2.03	0.04	3.9	1.1	3.5	1.0	7.60	1.15	1
06265+1751 STF 899	2008	1.5	12.3	06 26 31.1	+17 50 52	0.9	0.69	0.03	0.70	0.02	121.6	2.0	122.1	1.9	7.82	0.41	
06287+1534 A 2116	2008	1.5	10.9	06 28 44.9	+15 34 09	0.7	0.21	0.02	0.22	0.02	239.1	4.3	238.4	4.1	8.69	0.58	
06309+2058 STF 910	2008	1.5	16.3	06 30 56.0	+20 58 15	1.2	3.16	0.05	3.18	0.05	352.4	0.9	352.7	0.8	7.36	1.26	3
							3.17	0.05	3.19	0.04	352.1	0.8	352.3	0.8			
06332+1826 STF 918	2008	1.5	13.2	06 33 12.8	+18 26 04	1.0	1.28	0.03	1.27	0.03	89.1	1.3	89.5	1.2	7.73	0.48	
06354+1642 STF 925	2008	1.5	8.8	06 35 24.5	+16 41 56	0.5	4.48	0.06	4.50	0.05	207.5	0.7	207.7	0.7	7.09	0.89	
06376+2209 STF 930	2008	1.5	18.1	06 37 36.2	+22 09 02	1.5	0.80	0.03	0.81	0.03	317.2	1.8	316.7	1.7	7.51	0.65	1
06398+2032 HO 371	2008	1.5	11.0	06 39 48.0	+20 32 12	0.8	0.35	0.02	0.34	0.02	64.8	3.1	65.5	2.9	8.57	0.86	
06420+1705 STF 944	2008	1.5	14.6	06 42 00.7	+17 04 51	1.1	2.28	0.04	2.30	0.04	174.0	0.9	174.3	0.9	7.90	0.59	
06442+2231 STF 948	2008	1.5	9.3	06 44 12.3	+22 31 07	0.6	1.69	0.03	1.68	0.03	293.4	1.0	293.1	1.0	6.86	1.07	
06465+1609 STF 954	2008	1.5	21.0	06 46 30.1	+16 08 58	1.8	0.99	0.04	1.00	0.03	46.6	1.6	47.1	1.5	7.42	0.72	2
							1.00	0.03	1.01	0.03	46.9	1.3	46.5	1.3			
06487+2019 STF 963	2008	1.5	12.6	06 48 42.6	+20 19 03	0.9	6.37	0.07	6.35	0.06	150.3	0.5	150.5	0.5	6.53	1.40	
06509+1504 HO 375	2008	1.5	10.2	06 50 54.8	+15 04 11	0.7	0.43	0.02	0.44	0.02	258.7	2.7	258.1	2.5	8.79	0.63	
06531+1948 STF 972	2008	1.5	15.9	06 53 06.2	+19 48 09	1.2	2.81	0.05	2.83	0.04	10.5	0.9	10.2	0.9	7.68	0.96	1
06553+2409 STF 980	2008	1.5	13.4	06 55 18.7	+24 08 52	1.0	1.11	0.03	1.12	0.03	121.8	1.4	122.2	1.3	7.25	0.42	
06575+1820 STF 990	2008	1.5	8.0	06 57 30.3	+18 19 58	0.5	5.03	0.06	5.01	0.06	236.9	0.6	237.1	0.6	7.98	1.21	
06597+1741 STF 996	2008	1.5	18.3	06 59 42.4	+17 41 03	1.5	0.62	0.03	0.63	0.03	345.6	2.1	346.2	2.0	7.37	0.74	3
							0.63	0.02	0.64	0.02	346.0	1.8	345.7	1.7			
07019+2132 STF1007	2008	1.5	11.8	07 01 54.9	+21 32 09	0.8	3.92	0.05	3.94	0.05	72.4	0.8	72.6	0.7	7.11	0.53	
07041+1617 STF1012	2008	1.5	14.1	07 04 06.5	+16 17 00	1.1	1.49	0.03	1.48	0.03	191.7	1.1	192.1	1.0	7.84	0.90	
07062+2235 HO 380	2008	1.5	9.6	07 06 18.0	+22 35 12	0.6	0.29	0.02	0.30	0.02	308.9	3.6	308.2	3.4	8.62	0.67	
07084+2010 STF1027	2008	1.5	20.2	07 08 24.2	+20 10 03	1.7	2.34	0.05	2.36	0.04	61.1	1.0	61.4	1.0	7.47	1.37	1
07106+1621 STF1035	2008	1.5	12.1	07 10 36.8	+16 21 11	0.9	0.84	0.03	0.83	0.02	183.5	1.7	184.0	1.6	7.71	0.45	
07128+2748 STF1037	2008	1.5	10.0	07 12 48.5	+27 48 04	0.7	1.19	0.03	1.20	0.03	311.2	1.3	310.8	1.2	7.17	0.86	
07150+1633 STF1052	2008	1.5	16.7	07 15 00.1	+16 33 01	1.3	5.74	0.06	5.72	0.06	48.0	0.6	48.2	0.6	6.94	1.16	2
							5.75	0.06	5.73	0.06	47.8	0.6	48.0	0.5			
07172+2228 STF1060	2008	1.5	13.0	07 17 12.7	+22 28 09	1.0	0.50	0.02	0.51	0.02	178.4	2.4	177.8	2.2	8.09	0.57	
07194+1845 HO 385	2008	1.5	8.9	07 19 24.4	+18 45 02	0.5	0.37	0.02	0.36	0.02	289.3	3.0	290.0	2.8	8.71	0.79	
07216+2143 STF1066	2008	1.5	17.9	07 21 36.1	+21 43 08	1.4	1.65	0.04	1.67	0.03	41.7	1.2	41.3	1.1	7.29	0.63	1
07238+1606 STF1074	2008	1.5	11.4	07 23 48.6	+16 06 14	0.8	2.98	0.05	2.96	0.04	146.0	0.9	146.3	0.8	7.80	1.02	
07260+2119 STF1081	2008	1.5	14.7	07 26 00.2	+21 19 03	1.1	0.89	0.03	0.90	0.02	264.3	1.7	264.8	1.6	7.56	0.38	
07283+1752 STF1090	2008	1.5	9.4	07 28 18.9	+17 52 11	0.6	4.10	0.05	4.12	0.05	22.6	0.7	22.8	0.7	7.03	0.84	
07305+2041 STF1097	2008	1.5	21.5	07 30 30.5	+20 41 07	1.8	1.30	0.04	1.31	0.03	153.9	1.4	154.3	1.3	7.40	0.69	3
							1.31	0.03	1.32	0.03	154.2	1.2	153.8	1.1			
07327+1621 STF1104	2008	1.5	12.7	07 32 42.2	+16 21 02	0.9	2.52	0.04	2.50	0.04	275.8	0.9	276.1	0.9	7.62	0.51	
07349+1954 HO 391	2008	1.5	10.5	07 34 54.0	+19 54 12	0.7	0.24	0.02	0.25	0.02	35.2	4.0	34.5	3.8	8.88	0.73	
07371+2156 STF1110	2008	1.5	16.0	07 37 06.5	+21 56 04	1.2	0.71	0.03	0.72	0.03	170.5	2.0	171.0	1.9	7.75	0.98	1
07393+2048 STF1116	2008	1.5	13.6	07 39 18.1	+20 48 09	1.0	6.49	0.07	6.51	0.06	295.1	0.5	295.3	0.5	6.61	1.29	
07415+1825 STF1121	2008	1.5	8.3	07 41 30.8	+18 25 01	0.5	1.36	0.03	1.35	0.03	51.4	1.2	51.1	1.2	7.94	0.47	
07437+2112 STF1126	2008	1.5	18.6	07 43 42.4	+21 12 10	1.5	0.95	0.03	0.96	0.03	180.2	1.6	180.7	1.5	7.18	0.81	2
							0.96	0.03	0.97	0.02	180.5	1.4	180.1	1.3			
07459+1738 STF1138	2008	1.5	11.1	07 45 54.0	+17 38 07	0.8	3.30	0.05	3.32	0.05	341.4	0.8	341.6	0.8	7.49	0.62	
07481+2024 HO 397	2008	1.5	14.0	07 48 06.6	+20 24 02	1.1	0.38	0.02	0.39	0.02	113.0	2.9	113.7	2.7	8.60	0.83	
07503+1625 STF1146	2008	1.5	9.7	07 50 18.3	+16 25 11	0.6	5.21	0.06	5.19	0.06	224.3	0.6	224.5	0.6	6.97	1.09	
07525+2036 STF1149	2008	1.5	20.8	07 52 30.9	+20 36 03	1.7	1.83	0.05	1.85	0.04	3.7	1.2	3.3	1.1	7.65	0.71	1
07547+1934 STF1155	2008	1.5	12.2	07 54 42.5	+19 34 09	0.9	0.60	0.03	0.61	0.02	137.5	2.2	138.0	2.1	7.99	0.55	
07569+2112 STF1161	2008	1.5	10.9	07 56 54.1	+21 12 04	0.7	2.68	0.04	2.66	0.04	260.8	0.9	261.1	0.9	7.33	0.89	
07591+1837 HO 402	2008	1.5	16.5	07 59 06.8	+18 37 12	1.2	0.32	0.02	0.33	0.02	19.9	3.3	19.2	3.1	8.79	0.64	3
							0.33	0.02	0.34	0.02	19.5	2.9	20.1	2.8			
08013+2054 STF1170	2008	1.5	13.3	08 01 18.4	+20 54 01	1.0	4.77	0.06	4.79	0.05	165.2	0.7	165.4	0.7	7.21	1.34	
08035+1727 STF1177	2008	1.5	8.6	08 03 30.0	+17 27 10	0.5	1.10	0.02	1.11	0.02	289.7	1.4	290.1	1.3	7.86	0.43	
08057+2225 STF1184	2008	1.5	17.2	08 05 42.7	+22 25 03	1.4	2.19	0.05	2.17	0.04	54.5	1.1	54.2	1.0	7.53	0.97	1
08079+1952 STF1191	2008	1.5	11.7	08 07 54.3	+19 52 11	0.8	0.76	0.03	0.77	0.02	183.2	1.9	183.7	1.8	7.70	0.52	
08101+2107 STF1196	2008	1.5	14.3	08 10 06.0	+21 07 02	1.1	5.96	0.06	5.98	0.06	308.4	0.6	308.6	0.6	6.81	1.22	
08123+1739 STF1200	2008	1.5	9.2	08 12 18.6	+17 39 09	0.6	1.53	0.03	1.52	0.03	78.6	1.1	78.3	1.1	7.44	0.66	
08145+2032 STF1207	2008	1.5	20.9	08 14 30.2	+20 32 04	1.8	0.85	0.03	0.86	0.03	201.9	1.7	202.4	1.6	7.59	0.88	2
							0.86	0.03	0.87	0.02	202.2	1.5	201.8	1.4			
08167+1822 STF1213	2008	1.5	12.8	08 16 42.9	+18 22 12	0.9	3.04	0.05	3.02	0.05	330.1	0.9	330.4	0.8	7.90	0.45	
08189+2109 HO 408	2008	1.5	10.3	08 18 54.5	+21 09 03	0.7	0.41	0.02	0.42	0.02	92.3	2.8	92.9	2.6	8.68	0.79	
08211+1958 STF1223	2008	1.5	15.7	08 21 06.1	+19 58 10	1.2	2.40	0.04	2.42	0.04	214.7	0.9	215.0	0.9	7.27	1.07	1
08233+2121 STF1228	2008	1.5	13.9	08 23 18.8	+21 21 02	1.0	1.02	0.03	1.03	0.03	341.9	1.4	342.3	1.3	7.64	0.60	
Notes: (1) Measured on two nights; (2) Second line gives remeasurement at same epoch; (3) Component possibly variable.
